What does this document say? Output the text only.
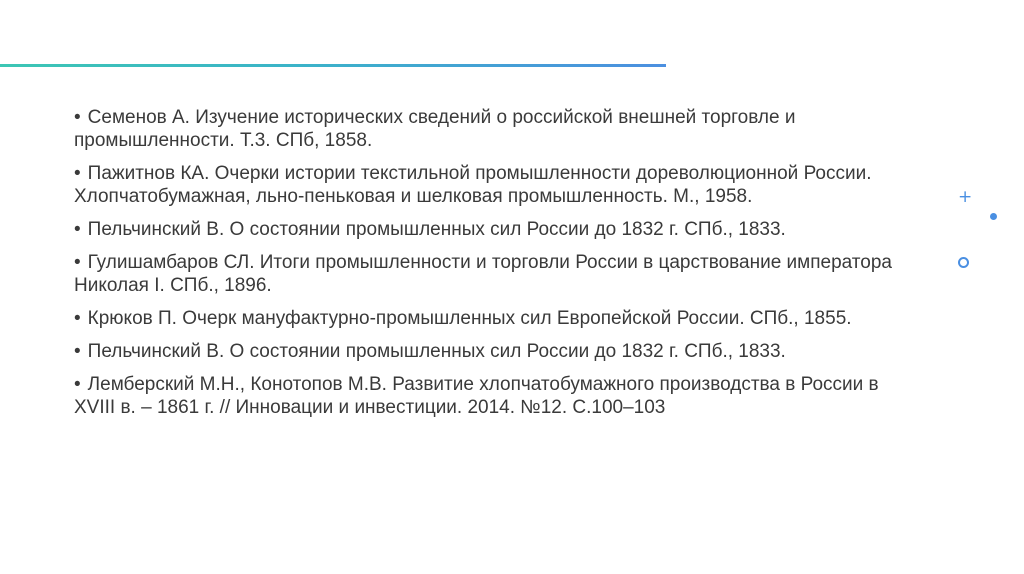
• Семенов А. Изучение исторических сведений о российской внешней торговле и промышленности. Т.3. СПб, 1858.
• Пажитнов КА. Очерки истории текстильной промышленности дореволюционной России. Хлопчатобумажная, льно-пеньковая и шелковая промышленность. М., 1958.
• Пельчинский В. О состоянии промышленных сил России до 1832 г. СПб., 1833.
• Гулишамбаров СЛ. Итоги промышленности и торговли России в царствование императора Николая I. СПб., 1896.
• Крюков П. Очерк мануфактурно-промышленных сил Европейской России. СПб., 1855.
• Пельчинский В. О состоянии промышленных сил России до 1832 г. СПб., 1833.
• Лемберский М.Н., Конотопов М.В. Развитие хлопчатобумажного производства в России в XVIII в. – 1861 г. // Инновации и инвестиции. 2014. №12. С.100–103
+
